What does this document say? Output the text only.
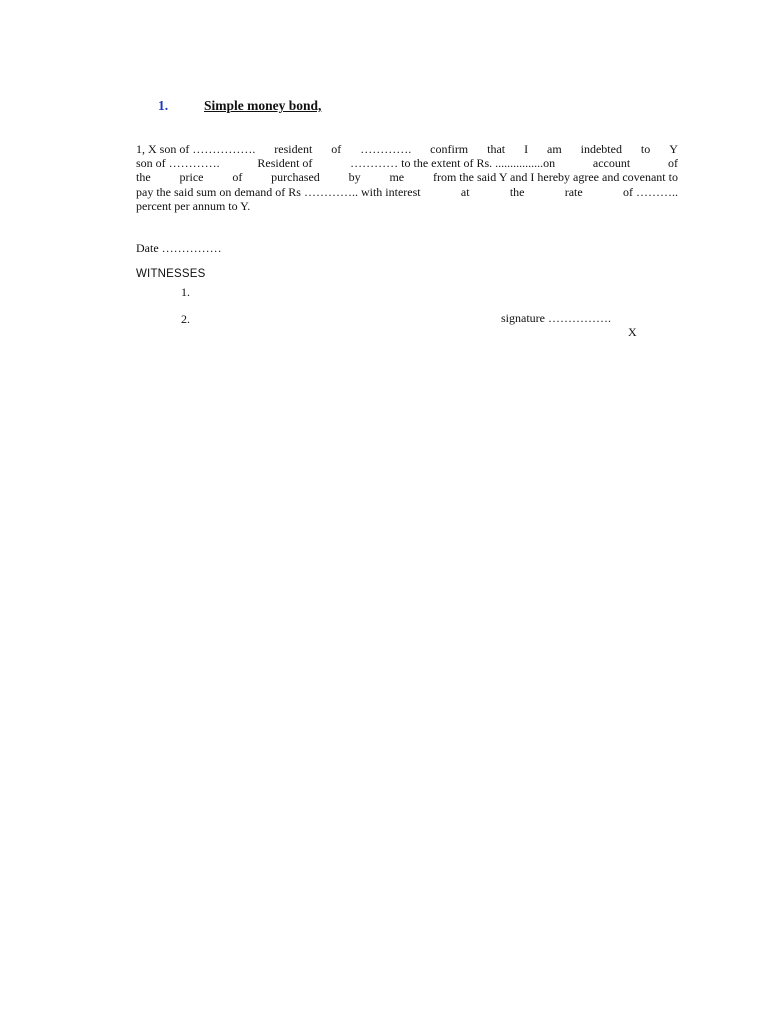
1.	Simple money bond,
1, X son of ……………. resident of …………. confirm that I am indebted to Y
son of ………….	Resident of	………… to the extent of Rs. ................on	account	of
the price of purchased by me from the said Y and I hereby agree and covenant to
pay the said sum on demand of Rs ………….. with interest	at	the	rate	of ………..
percent per annum to Y.
Date ……………
WITNESSES
1.
2.	signature …………….
X
